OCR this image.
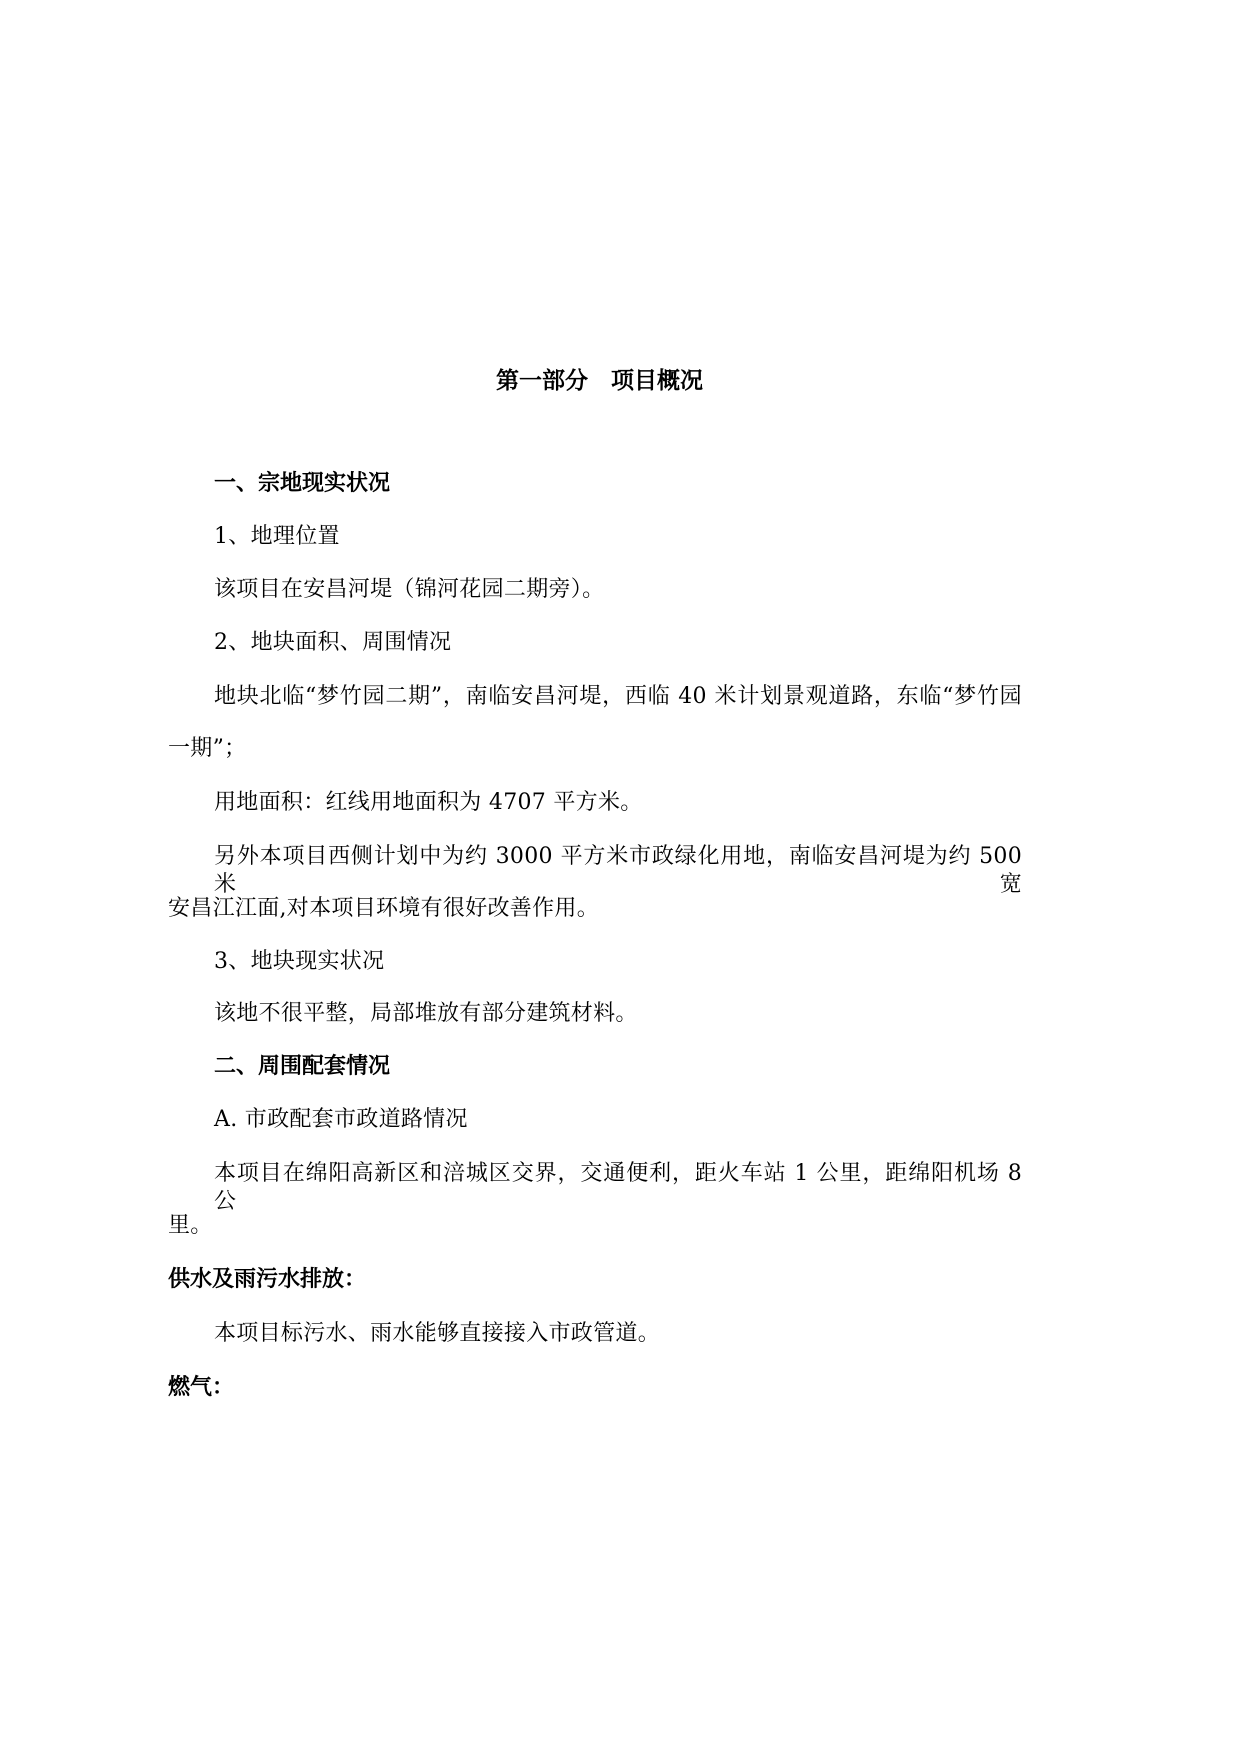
第一部分　项目概况
一、宗地现实状况
1、地理位置
该项目在安昌河堤（锦河花园二期旁）。
2、地块面积、周围情况
地块北临“梦竹园二期”，南临安昌河堤，西临 40 米计划景观道路，东临“梦竹园
一期”；
用地面积：红线用地面积为 4707 平方米。
另外本项目西侧计划中为约 3000 平方米市政绿化用地，南临安昌河堤为约 500 米宽
安昌江江面,对本项目环境有很好改善作用。
3、地块现实状况
该地不很平整，局部堆放有部分建筑材料。
二、周围配套情况
A. 市政配套市政道路情况
本项目在绵阳高新区和涪城区交界，交通便利，距火车站 1 公里，距绵阳机场 8 公
里。
供水及雨污水排放：
本项目标污水、雨水能够直接接入市政管道。
燃气：
